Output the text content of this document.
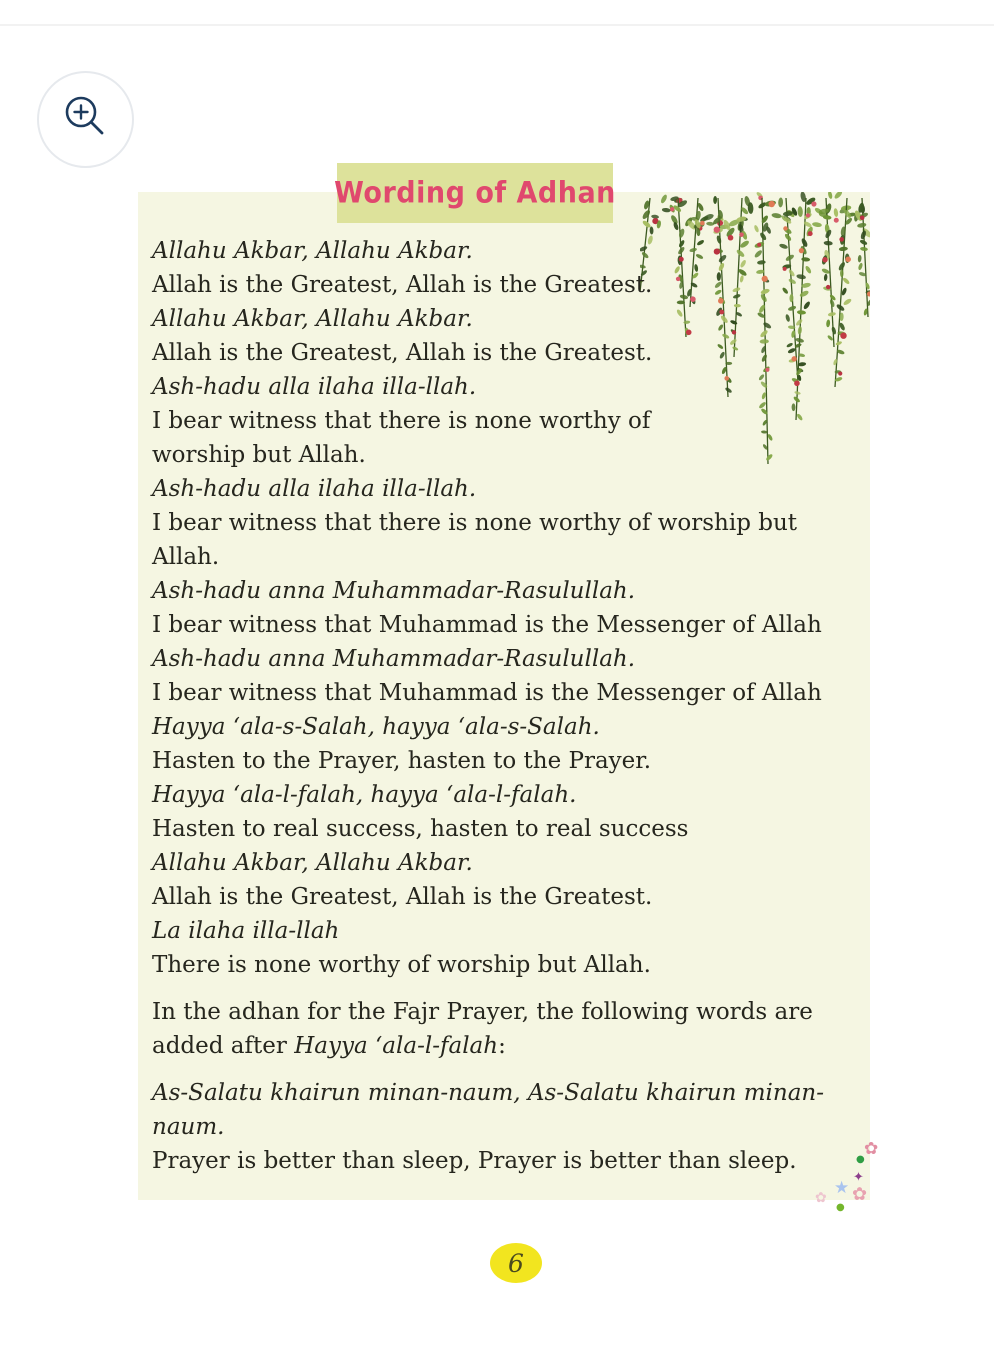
Allahu Akbar, Allahu Akbar.
Allah is the Greatest, Allah is the Greatest.
Allahu Akbar, Allahu Akbar.
Allah is the Greatest, Allah is the Greatest.
Ash-hadu alla ilaha illa-llah.
I bear witness that there is none worthy of
worship but Allah.
Ash-hadu alla ilaha illa-llah.
I bear witness that there is none worthy of worship but
Allah.
Ash-hadu anna Muhammadar-Rasulullah.
I bear witness that Muhammad is the Messenger of Allah
Ash-hadu anna Muhammadar-Rasulullah.
I bear witness that Muhammad is the Messenger of Allah
Hayya ‘ala-s-Salah, hayya ‘ala-s-Salah.
Hasten to the Prayer, hasten to the Prayer.
Hayya ‘ala-l-falah, hayya ‘ala-l-falah.
Hasten to real success, hasten to real success
Allahu Akbar, Allahu Akbar.
Allah is the Greatest, Allah is the Greatest.
La ilaha illa-llah
There is none worthy of worship but Allah.
In the adhan for the Fajr Prayer, the following words are
added after Hayya ‘ala-l-falah:
As-Salatu khairun minan-naum, As-Salatu khairun minan-
naum.
Prayer is better than sleep, Prayer is better than sleep.
Wording of Adhan
6
✿
●
✦
★ ✿
●
✿
